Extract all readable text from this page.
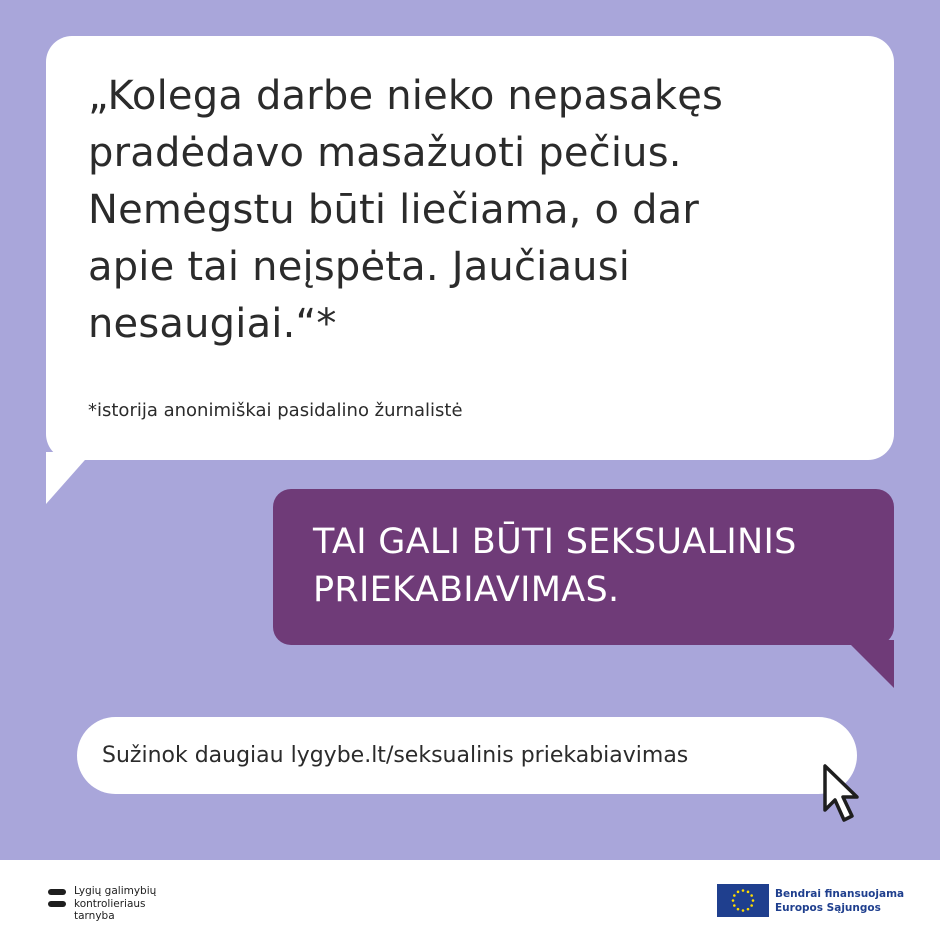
„Kolega darbe nieko nepasakęs
pradėdavo masažuoti pečius.
Nemėgstu būti liečiama, o dar
apie tai neįspėta. Jaučiausi
nesaugiai.“*

*istorija anonimiškai pasidalino žurnalistė

TAI GALI BŪTI SEKSUALINIS
PRIEKABIAVIMAS.

Sužinok daugiau lygybe.lt/seksualinis priekabiavimas
Lygių galimybių
kontrolieriaus
tarnyba
Bendrai finansuojama
Europos Sąjungos
